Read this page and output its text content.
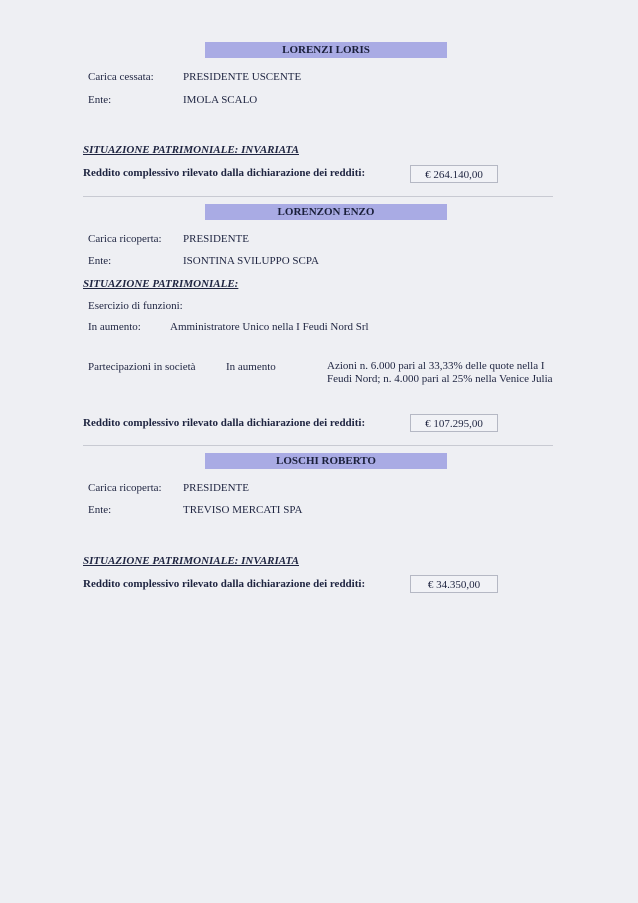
LORENZI LORIS
Carica cessata:	PRESIDENTE USCENTE
Ente:	IMOLA SCALO
SITUAZIONE PATRIMONIALE: INVARIATA
Reddito complessivo rilevato dalla dichiarazione dei redditi:	€ 264.140,00
LORENZON ENZO
Carica ricoperta: PRESIDENTE
Ente:	ISONTINA SVILUPPO SCPA
SITUAZIONE PATRIMONIALE:
Esercizio di funzioni:
In aumento:	Amministratore Unico nella I Feudi Nord Srl
Partecipazioni in società	In aumento	Azioni n. 6.000 pari al 33,33% delle quote nella I Feudi Nord; n. 4.000 pari al 25% nella Venice Julia
Reddito complessivo rilevato dalla dichiarazione dei redditi:	€ 107.295,00
LOSCHI ROBERTO
Carica ricoperta: PRESIDENTE
Ente:	TREVISO MERCATI SPA
SITUAZIONE PATRIMONIALE: INVARIATA
Reddito complessivo rilevato dalla dichiarazione dei redditi:	€ 34.350,00
